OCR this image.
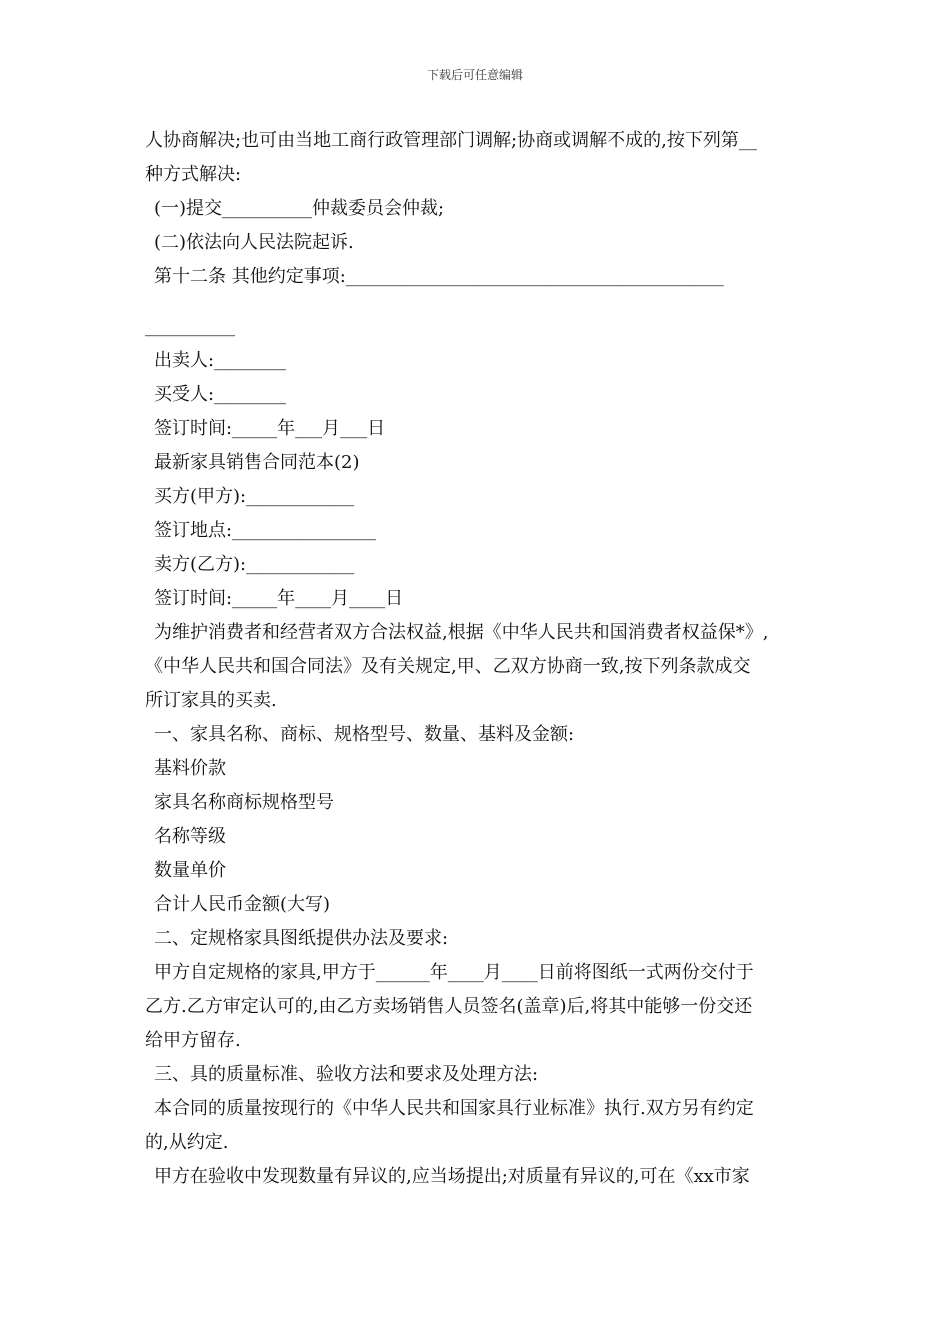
下载后可任意编辑
人协商解决;也可由当地工商行政管理部门调解;协商或调解不成的,按下列第__
种方式解决:
(一)提交__________仲裁委员会仲裁;
(二)依法向人民法院起诉.
第十二条 其他约定事项:__________________________________________
__________
出卖人:________
买受人:________
签订时间:_____年___月___日
最新家具销售合同范本(2)
买方(甲方):____________
签订地点:________________
卖方(乙方):____________
签订时间:_____年____月____日
为维护消费者和经营者双方合法权益,根据《中华人民共和国消费者权益保*》,
《中华人民共和国合同法》及有关规定,甲、乙双方协商一致,按下列条款成交
所订家具的买卖.
一、家具名称、商标、规格型号、数量、基料及金额:
基料价款
家具名称商标规格型号
名称等级
数量单价
合计人民币金额(大写)
二、定规格家具图纸提供办法及要求:
甲方自定规格的家具,甲方于______年____月____日前将图纸一式两份交付于
乙方.乙方审定认可的,由乙方卖场销售人员签名(盖章)后,将其中能够一份交还
给甲方留存.
三、具的质量标准、验收方法和要求及处理方法:
本合同的质量按现行的《中华人民共和国家具行业标准》执行.双方另有约定
的,从约定.
甲方在验收中发现数量有异议的,应当场提出;对质量有异议的,可在《xx市家
